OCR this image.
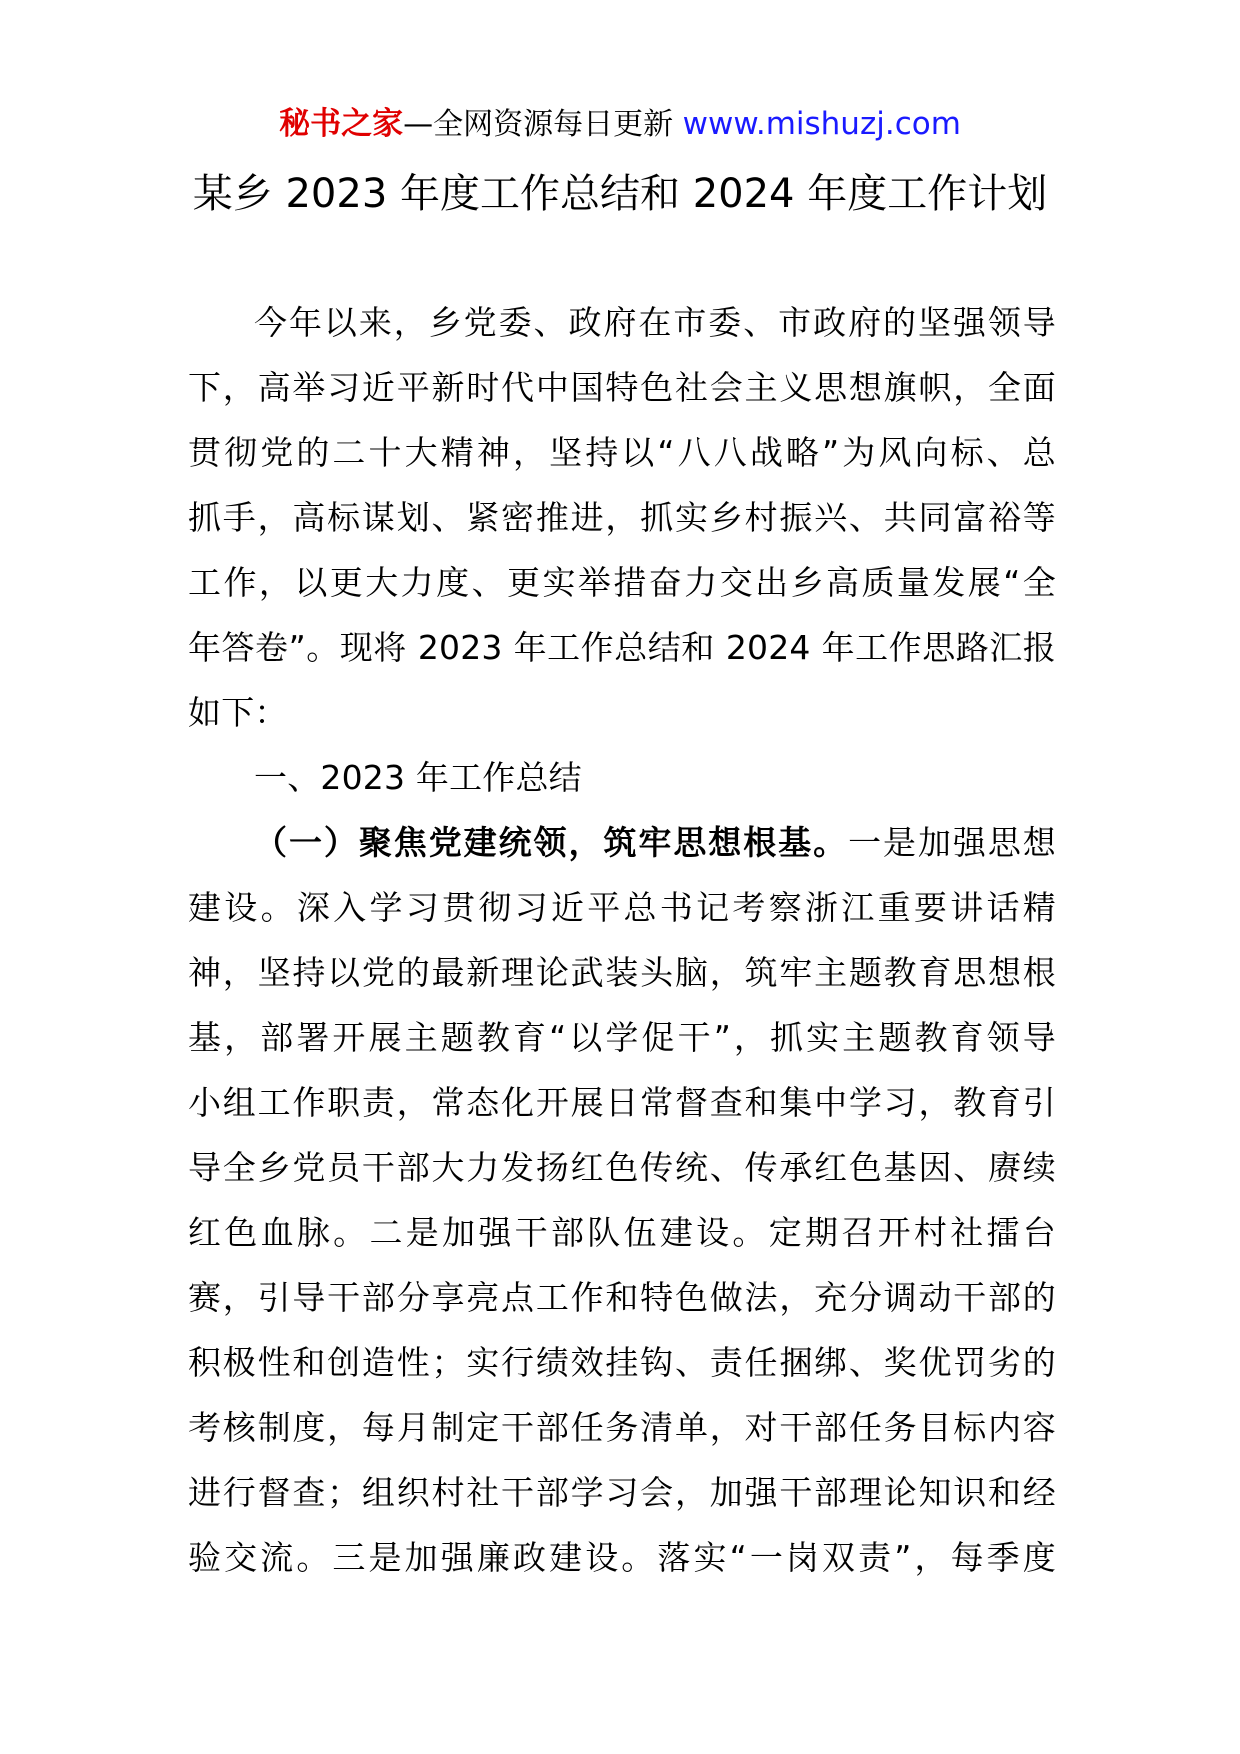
秘书之家—全网资源每日更新 www.mishuzj.com
某乡 2023 年度工作总结和 2024 年度工作计划
今年以来，乡党委、政府在市委、市政府的坚强领导
下，高举习近平新时代中国特色社会主义思想旗帜，全面
贯彻党的二十大精神，坚持以“八八战略”为风向标、总
抓手，高标谋划、紧密推进，抓实乡村振兴、共同富裕等
工作，以更大力度、更实举措奋力交出乡高质量发展“全
年答卷”。现将 2023 年工作总结和 2024 年工作思路汇报
如下：
一、2023 年工作总结
（一）聚焦党建统领，筑牢思想根基。一是加强思想
建设。深入学习贯彻习近平总书记考察浙江重要讲话精
神，坚持以党的最新理论武装头脑，筑牢主题教育思想根
基，部署开展主题教育“以学促干”，抓实主题教育领导
小组工作职责，常态化开展日常督查和集中学习，教育引
导全乡党员干部大力发扬红色传统、传承红色基因、赓续
红色血脉。二是加强干部队伍建设。定期召开村社擂台
赛，引导干部分享亮点工作和特色做法，充分调动干部的
积极性和创造性；实行绩效挂钩、责任捆绑、奖优罚劣的
考核制度，每月制定干部任务清单，对干部任务目标内容
进行督查；组织村社干部学习会，加强干部理论知识和经
验交流。三是加强廉政建设。落实“一岗双责”，每季度
